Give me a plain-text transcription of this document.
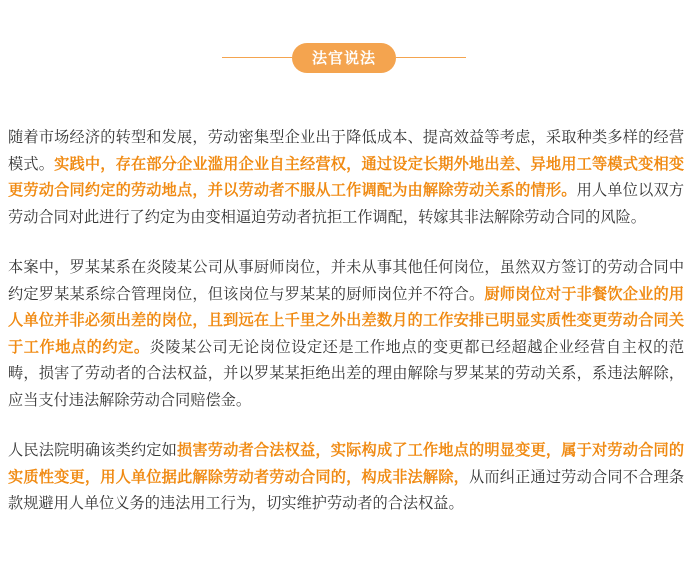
法官说法

随着市场经济的转型和发展，劳动密集型企业出于降低成本、提高效益等考虑，采取种类多样的经营模式。实践中，存在部分企业滥用企业自主经营权，通过设定长期外地出差、异地用工等模式变相变更劳动合同约定的劳动地点，并以劳动者不服从工作调配为由解除劳动关系的情形。用人单位以双方劳动合同对此进行了约定为由变相逼迫劳动者抗拒工作调配，转嫁其非法解除劳动合同的风险。

本案中，罗某某系在炎陵某公司从事厨师岗位，并未从事其他任何岗位，虽然双方签订的劳动合同中约定罗某某系综合管理岗位，但该岗位与罗某某的厨师岗位并不符合。厨师岗位对于非餐饮企业的用人单位并非必须出差的岗位，且到远在上千里之外出差数月的工作安排已明显实质性变更劳动合同关于工作地点的约定。炎陵某公司无论岗位设定还是工作地点的变更都已经超越企业经营自主权的范畴，损害了劳动者的合法权益，并以罗某某拒绝出差的理由解除与罗某某的劳动关系，系违法解除，应当支付违法解除劳动合同赔偿金。

人民法院明确该类约定如损害劳动者合法权益，实际构成了工作地点的明显变更，属于对劳动合同的实质性变更，用人单位据此解除劳动者劳动合同的，构成非法解除，从而纠正通过劳动合同不合理条款规避用人单位义务的违法用工行为，切实维护劳动者的合法权益。
